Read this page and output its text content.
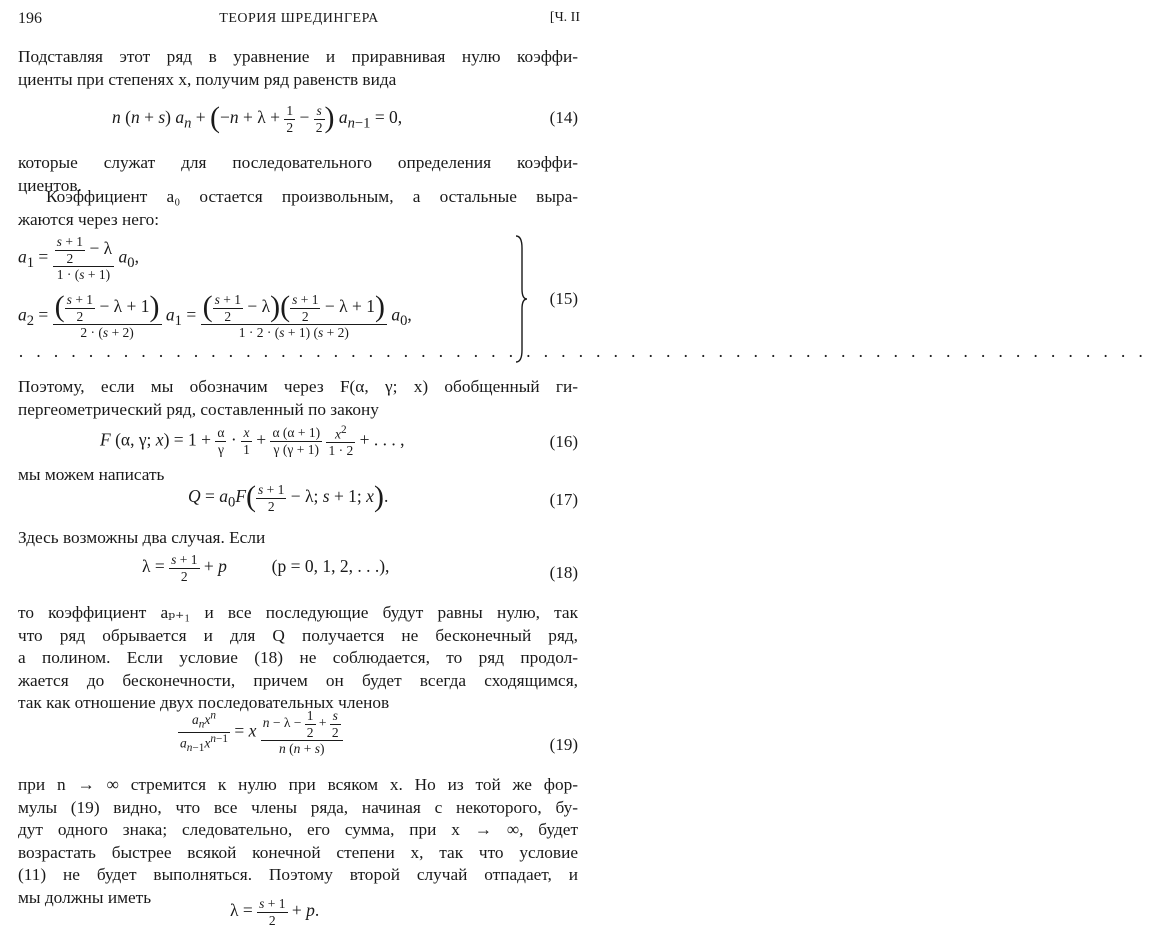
196	ТЕОРИЯ ШРЕДИНГЕРА	[Ч. II
Подставляя этот ряд в уравнение и приравнивая нулю коэффи-
циенты при степенях x, получим ряд равенств вида
n (n + s) $a_n + (-n + \lambda + \frac{1}{2} - \frac{s}{2}$ ) $a_{n-1} = 0$,	(14)
которые служат для последовательного определения коэффи-
циентов.
Коэффициент a₀ остается произвольным, а остальные выра-
жаются через него:
$a_1 = \frac{\frac{s + 1}{2} - \lambda}{1 \cdot (s + 1)} a_0$,
$a_2 = \frac{( \frac{s + 1}{2} - \lambda + 1)}{2 \cdot (s + 2)} a_1 = \frac{( \frac{s + 1}{2} - \lambda)( \frac{s + 1}{2} - \lambda + 1)}{1 \cdot 2 \cdot (s + 1) (s + 2)} a_0$,
·································································
(15)
Поэтому, если мы обозначим через F(α, γ; x) обобщенный ги-
пергеометрический ряд, составленный по закону
F (α, γ; $x) = 1 + \frac{\alpha}{\gamma} \cdot \frac{x}{1} + \frac{\alpha (\alpha + 1)}{\gamma (\gamma + 1)}$
$\frac{x^2}{1 \cdot 2}$ + . . . ,	(16)
мы можем написать
$Q = a_0F( \frac{s + 1}{2} - \lambda$; s + 1; x).	(17)
Здесь возможны два случая. Если
$\lambda = \frac{s + 1}{2} + p$	(p = 0, 1, 2, . . .),	(18)
то коэффициент aₚ₊₁ и все последующие будут равны нулю, так
что ряд обрывается и для Q получается не бесконечный ряд,
а полином. Если условие (18) не соблюдается, то ряд продол-
жается до бесконечности, причем он будет всегда сходящимся,
так как отношение двух последовательных членов
$\frac{a_nx^n}{a_{n-1}x^{n-1}} = x \frac{n - \lambda - \frac{1}{2} + \frac{s}{2}}{n (n + s)}$	(19)
при n → ∞ стремится к нулю при всяком x. Но из той же фор-
мулы (19) видно, что все члены ряда, начиная с некоторого, бу-
дут одного знака; следовательно, его сумма, при x → ∞, будет
возрастать быстрее всякой конечной степени x, так что условие
(11) не будет выполняться. Поэтому второй случай отпадает, и
мы должны иметь
$\lambda = \frac{s + 1}{2} + p$.
